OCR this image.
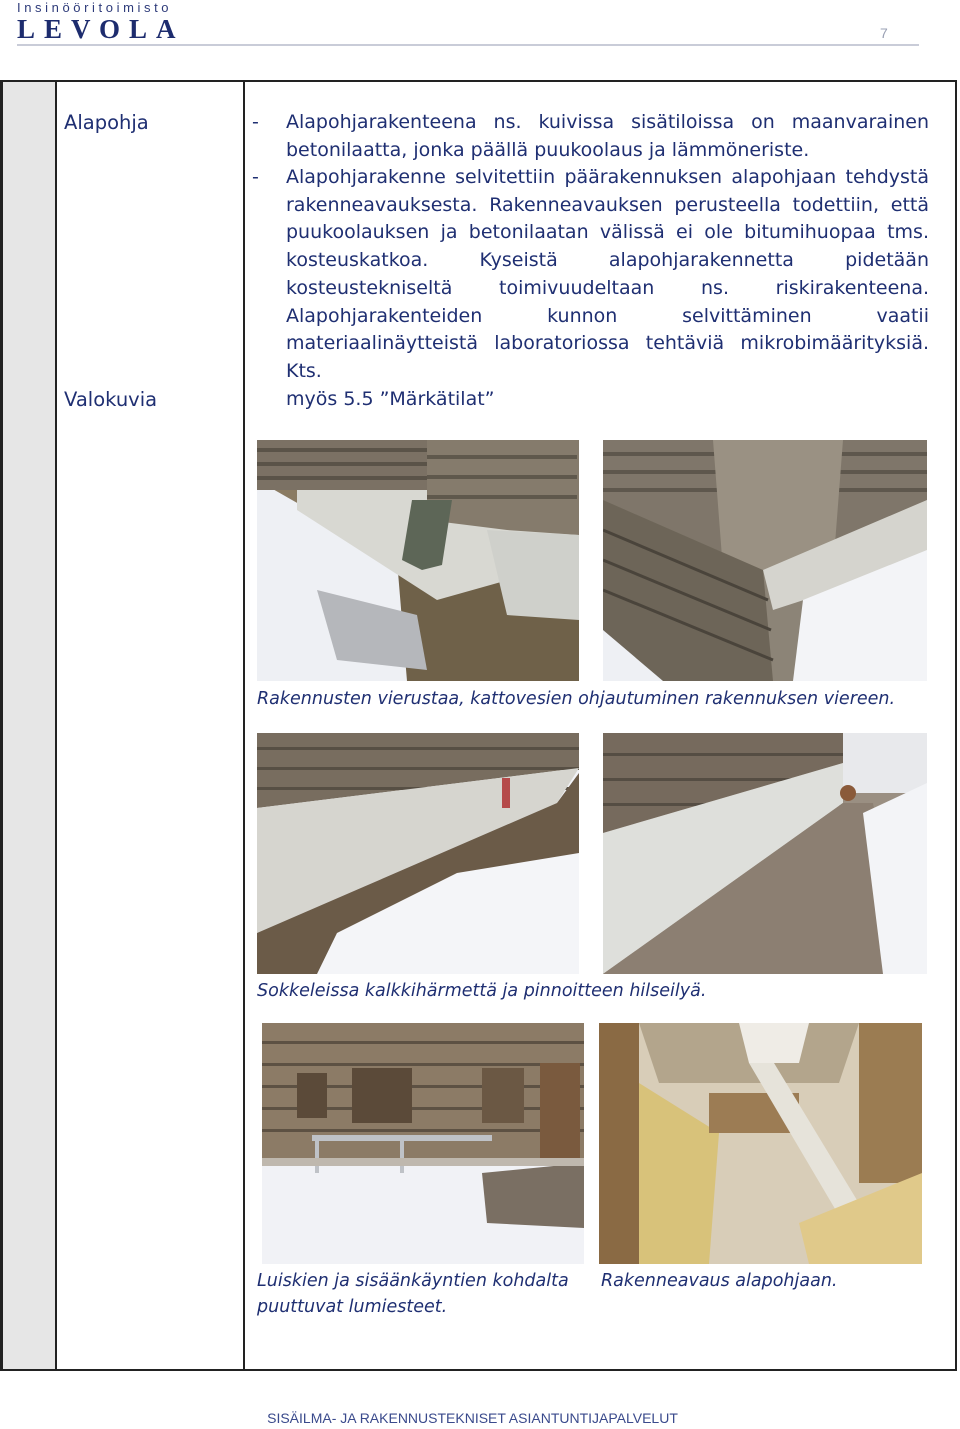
Insinööritoimisto
LEVOLA	7
Alapohja
Valokuvia
- Alapohjarakenteena ns. kuivissa sisätiloissa on maanvarainen
betonilaatta, jonka päällä puukoolaus ja lämmöneriste.
- Alapohjarakenne selvitettiin päärakennuksen alapohjaan tehdystä
rakenneavauksesta. Rakenneavauksen perusteella todettiin, että
puukoolauksen ja betonilaatan välissä ei ole bitumihuopaa tms.
kosteuskatkoa. Kyseistä alapohjarakennetta pidetään
kosteustekniseltä toimivuudeltaan ns. riskirakenteena.
Alapohjarakenteiden kunnon selvittäminen vaatii
materiaalinäytteistä laboratoriossa tehtäviä mikrobimäärityksiä. Kts.
myös 5.5 ”Märkätilat”
Rakennusten vierustaa, kattovesien ohjautuminen rakennuksen viereen.
Sokkeleissa kalkkihärmettä ja pinnoitteen hilseilyä.
Luiskien ja sisäänkäyntien kohdalta
puuttuvat lumiesteet.
Rakenneavaus alapohjaan.
SISÄILMA- JA RAKENNUSTEKNISET ASIANTUNTIJAPALVELUT
